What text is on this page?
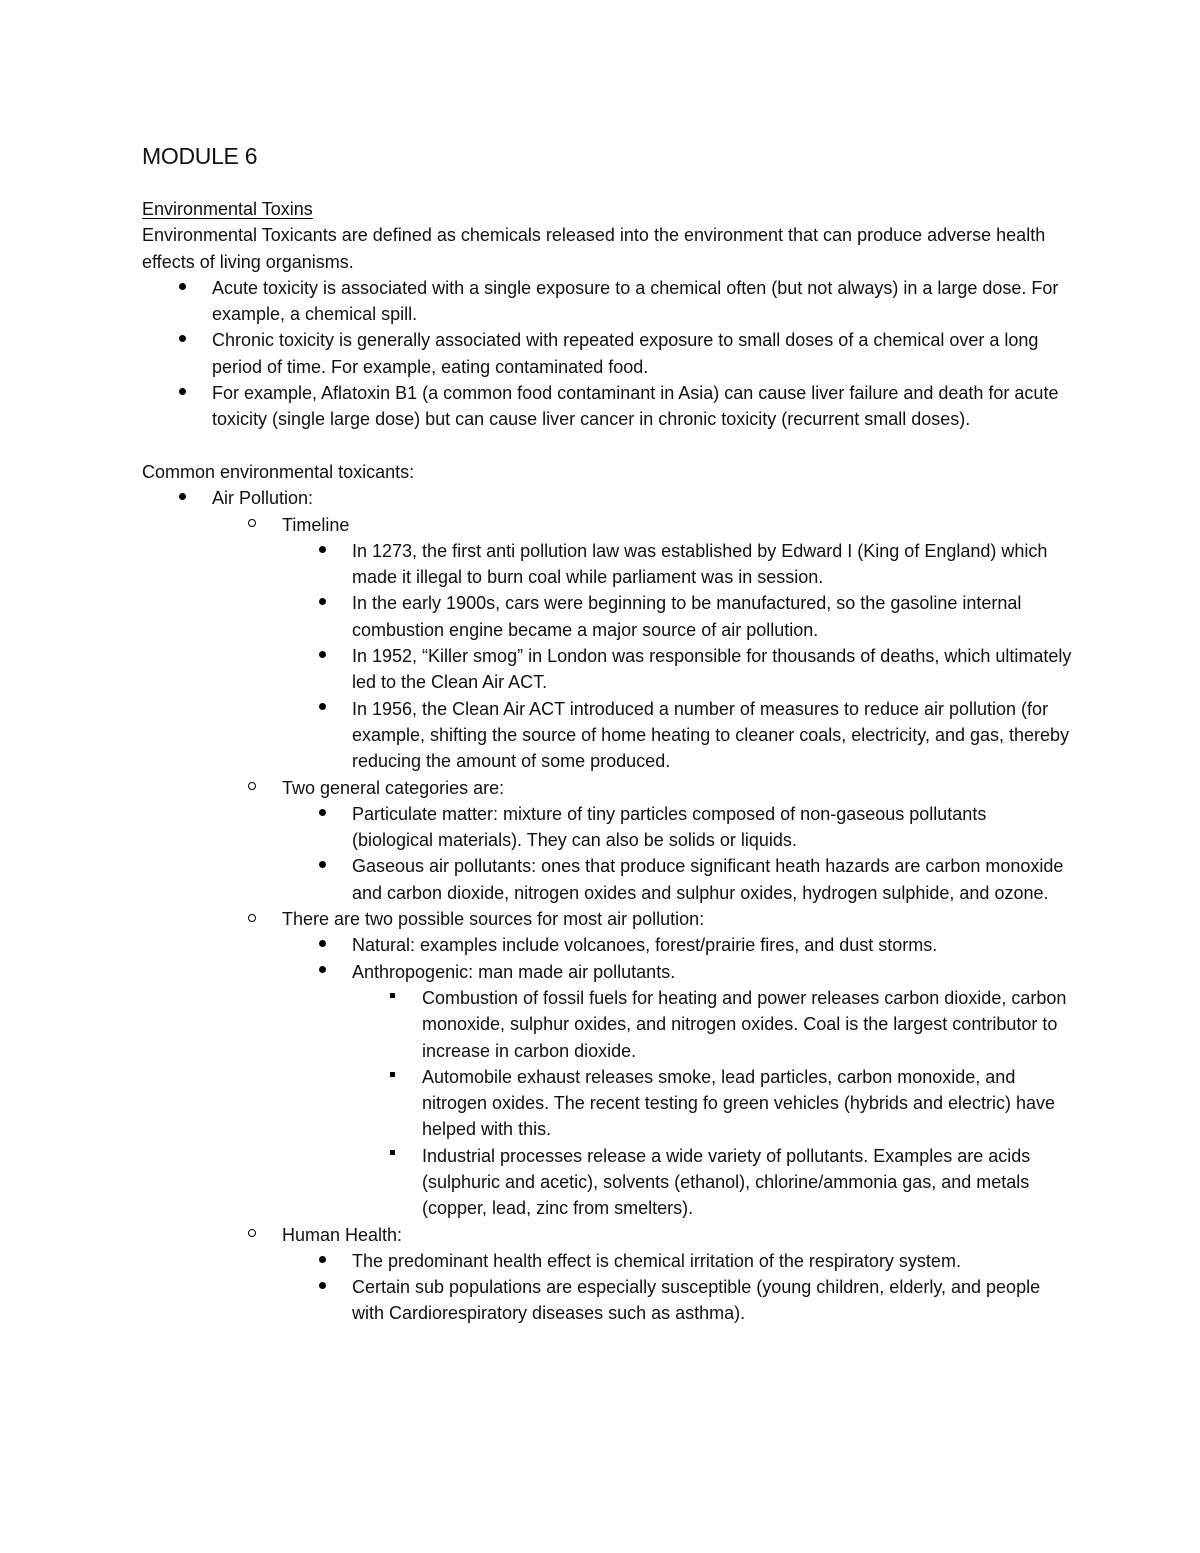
MODULE 6
Environmental Toxins

Environmental Toxicants are defined as chemicals released into the environment that can produce adverse health effects of living organisms.

Acute toxicity is associated with a single exposure to a chemical often (but not always) in a large dose. For example, a chemical spill.
Chronic toxicity is generally associated with repeated exposure to small doses of a chemical over a long period of time. For example, eating contaminated food.
For example, Aflatoxin B1 (a common food contaminant in Asia) can cause liver failure and death for acute toxicity (single large dose) but can cause liver cancer in chronic toxicity (recurrent small doses).

Common environmental toxicants:

Air Pollution:
Timeline
In 1273, the first anti pollution law was established by Edward I (King of England) which made it illegal to burn coal while parliament was in session.
In the early 1900s, cars were beginning to be manufactured, so the gasoline internal combustion engine became a major source of air pollution.
In 1952, “Killer smog” in London was responsible for thousands of deaths, which ultimately led to the Clean Air ACT.
In 1956, the Clean Air ACT introduced a number of measures to reduce air pollution (for example, shifting the source of home heating to cleaner coals, electricity, and gas, thereby reducing the amount of some produced.
Two general categories are:
Particulate matter: mixture of tiny particles composed of non-gaseous pollutants (biological materials). They can also be solids or liquids.
Gaseous air pollutants: ones that produce significant heath hazards are carbon monoxide and carbon dioxide, nitrogen oxides and sulphur oxides, hydrogen sulphide, and ozone.
There are two possible sources for most air pollution:
Natural: examples include volcanoes, forest/prairie fires, and dust storms.
Anthropogenic: man made air pollutants.
Combustion of fossil fuels for heating and power releases carbon dioxide, carbon monoxide, sulphur oxides, and nitrogen oxides. Coal is the largest contributor to increase in carbon dioxide.
Automobile exhaust releases smoke, lead particles, carbon monoxide, and nitrogen oxides. The recent testing fo green vehicles (hybrids and electric) have helped with this.
Industrial processes release a wide variety of pollutants. Examples are acids (sulphuric and acetic), solvents (ethanol), chlorine/ammonia gas, and metals (copper, lead, zinc from smelters).
Human Health:
The predominant health effect is chemical irritation of the respiratory system.
Certain sub populations are especially susceptible (young children, elderly, and people with Cardiorespiratory diseases such as asthma).
